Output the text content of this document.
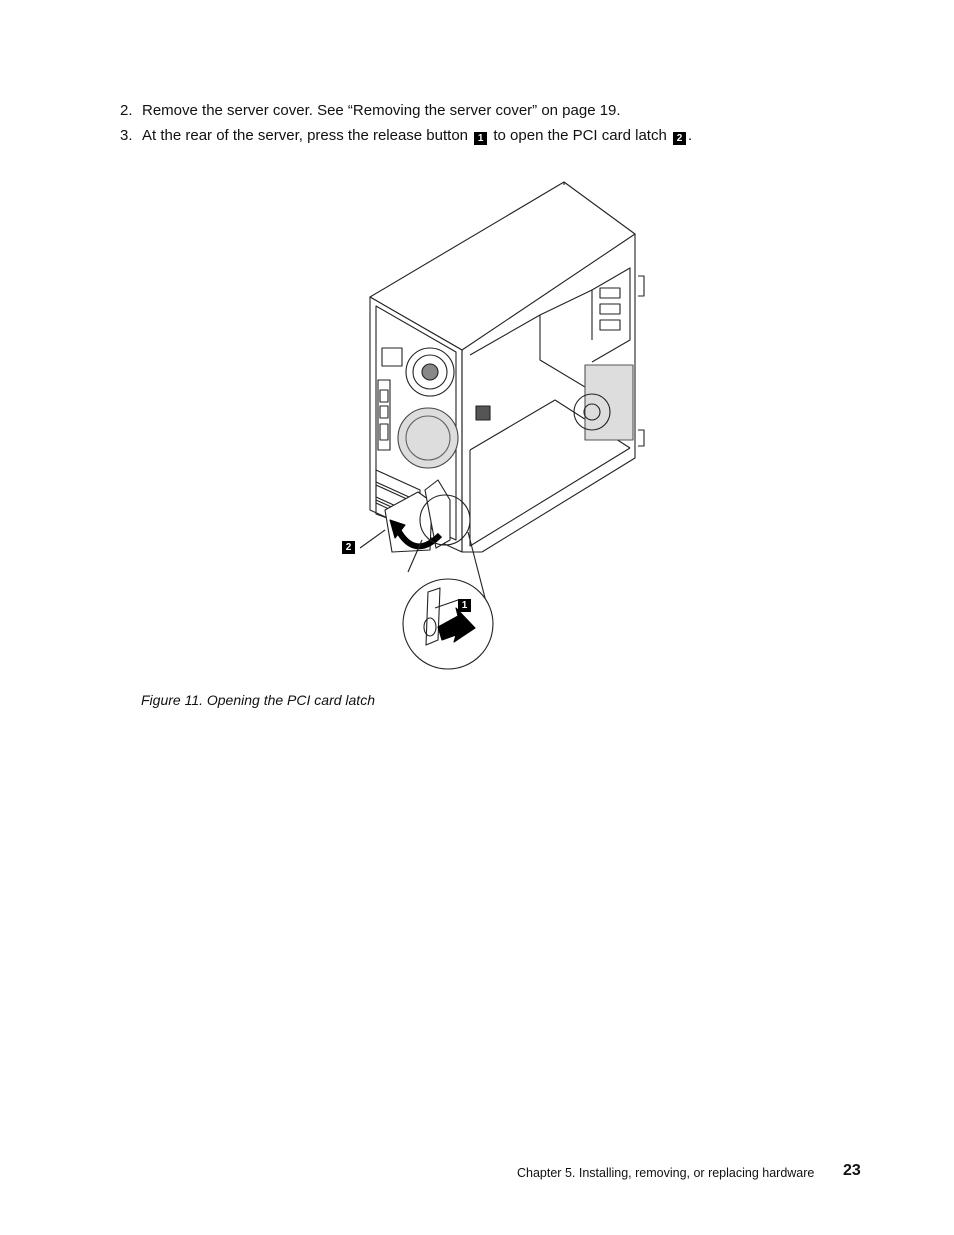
2. Remove the server cover. See “Removing the server cover” on page 19.
3. At the rear of the server, press the release button 1 to open the PCI card latch 2 .
2
1
Figure 11. Opening the PCI card latch
Chapter 5. Installing, removing, or replacing hardware 23
